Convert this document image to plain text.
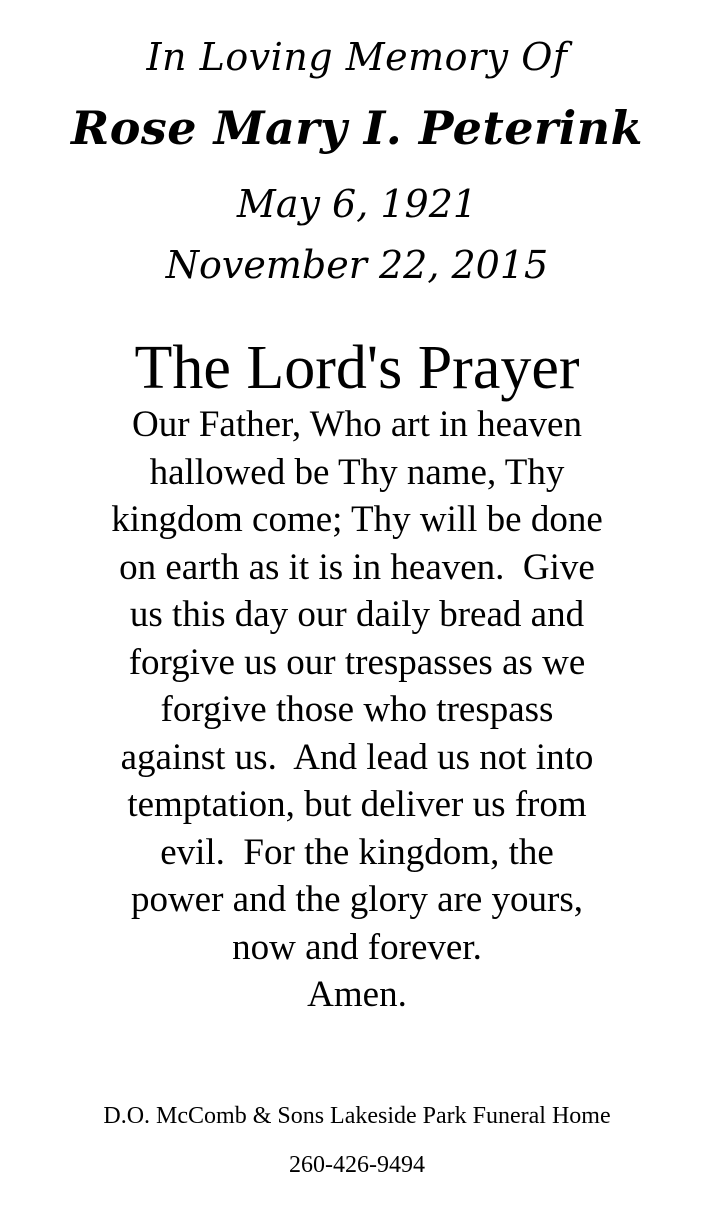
In Loving Memory Of
Rose Mary I. Peterink
May 6, 1921
November 22, 2015
The Lord's Prayer
Our Father, Who art in heaven
hallowed be Thy name, Thy
kingdom come; Thy will be done
on earth as it is in heaven.  Give
us this day our daily bread and
forgive us our trespasses as we
forgive those who trespass
against us.  And lead us not into
temptation, but deliver us from
evil.  For the kingdom, the
power and the glory are yours,
now and forever.
Amen.
D.O. McComb & Sons Lakeside Park Funeral Home
260-426-9494
